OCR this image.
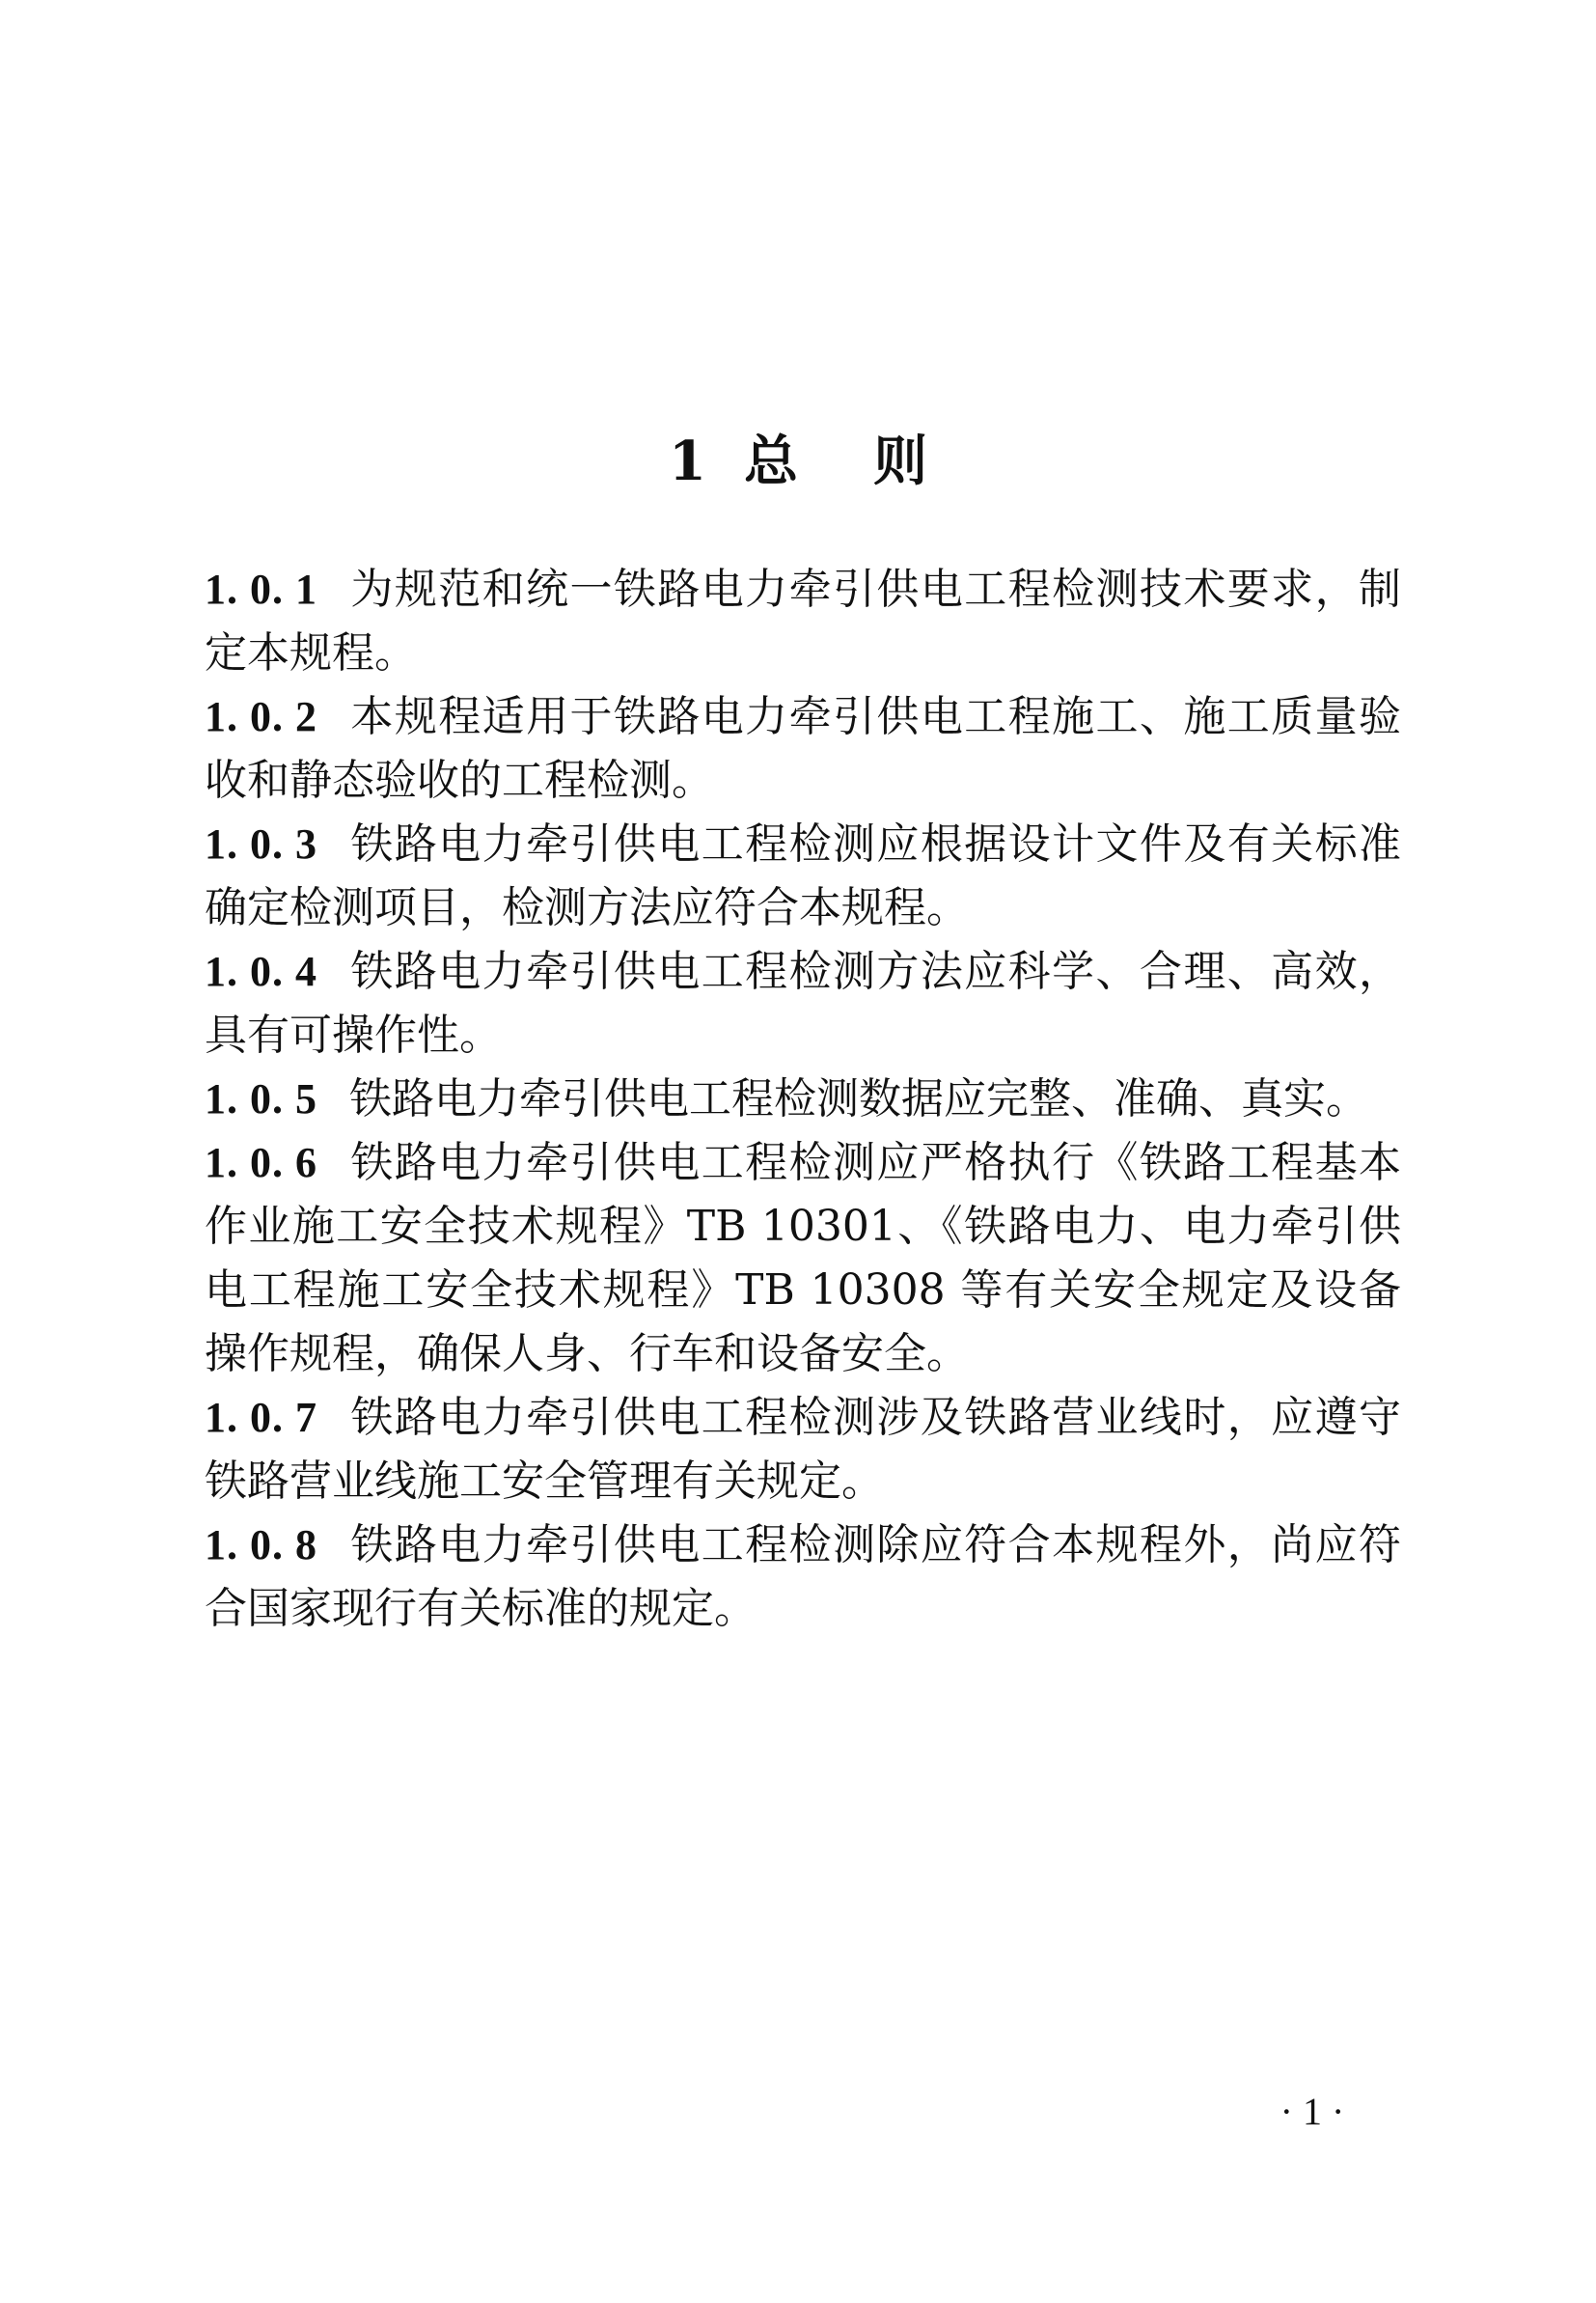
1  总    则

1. 0. 1 为规范和统一铁路电力牵引供电工程检测技术要求，制定本规程。

1. 0. 2 本规程适用于铁路电力牵引供电工程施工、施工质量验收和静态验收的工程检测。

1. 0. 3 铁路电力牵引供电工程检测应根据设计文件及有关标准确定检测项目，检测方法应符合本规程。

1. 0. 4 铁路电力牵引供电工程检测方法应科学、合理、高效，具有可操作性。

1. 0. 5 铁路电力牵引供电工程检测数据应完整、准确、真实。

1. 0. 6 铁路电力牵引供电工程检测应严格执行《铁路工程基本作业施工安全技术规程》TB 10301、《铁路电力、电力牵引供电工程施工安全技术规程》TB 10308 等有关安全规定及设备操作规程，确保人身、行车和设备安全。

1. 0. 7 铁路电力牵引供电工程检测涉及铁路营业线时，应遵守铁路营业线施工安全管理有关规定。

1. 0. 8 铁路电力牵引供电工程检测除应符合本规程外，尚应符合国家现行有关标准的规定。

· 1 ·
